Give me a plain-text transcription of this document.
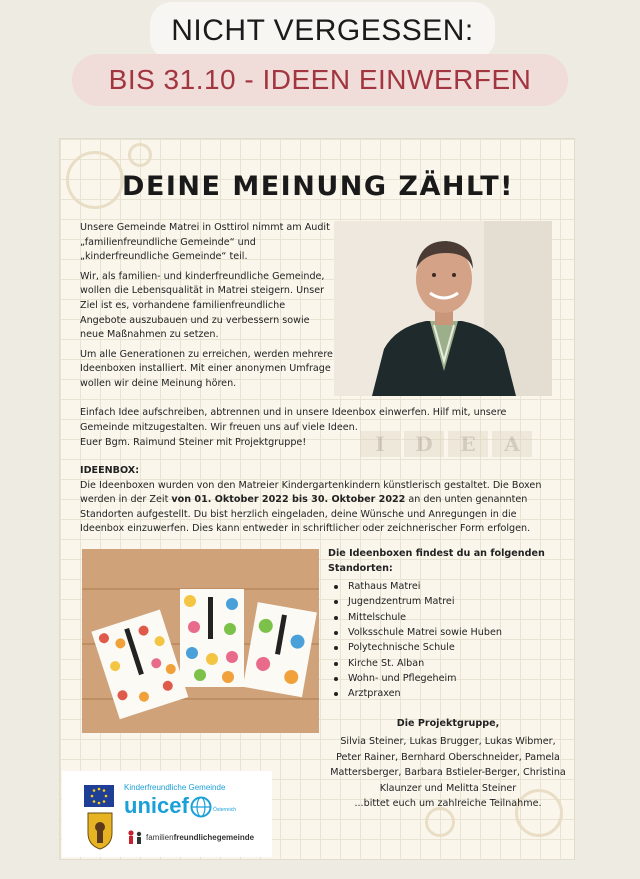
NICHT VERGESSEN:
BIS 31.10 - IDEEN EINWERFEN
DEINE MEINUNG ZÄHLT!

Unsere Gemeinde Matrei in Osttirol nimmt am Audit „familienfreundliche Gemeinde“ und „kinderfreundliche Gemeinde“ teil.

Wir, als familien- und kinderfreundliche Gemeinde, wollen die Lebensqualität in Matrei steigern. Unser Ziel ist es, vorhandene familienfreundliche Angebote auszubauen und zu verbessern sowie neue Maßnahmen zu setzen.

Um alle Generationen zu erreichen, werden mehrere Ideenboxen installiert. Mit einer anonymen Umfrage wollen wir deine Meinung hören.

Einfach Idee aufschreiben, abtrennen und in unsere Ideenbox einwerfen. Hilf mit, unsere Gemeinde mitzugestalten. Wir freuen uns auf viele Ideen.

Euer Bgm. Raimund Steiner mit Projektgruppe!	I	D	E	A
IDEENBOX:
Die Ideenboxen wurden von den Matreier Kindergartenkindern künstlerisch gestaltet. Die Boxen werden in der Zeit von 01. Oktober 2022 bis 30. Oktober 2022 an den unten genannten Standorten aufgestellt. Du bist herzlich eingeladen, deine Wünsche und Anregungen in die Ideenbox einzuwerfen. Dies kann entweder in schriftlicher oder zeichnerischer Form erfolgen.
Die Ideenboxen findest du an folgenden Standorten:
Rathaus Matrei
Jugendzentrum Matrei
Mittelschule
Volksschule Matrei sowie Huben
Polytechnische Schule
Kirche St. Alban
Wohn- und Pflegeheim
Arztpraxen
Die Projektgruppe,
Silvia Steiner, Lukas Brugger, Lukas Wibmer, Peter Rainer, Bernhard Oberschneider, Pamela Mattersberger, Barbara Bstieler-Berger, Christina Klaunzer und Melitta Steiner
...bittet euch um zahlreiche Teilnahme.
Kinderfreundliche Gemeinde
unicef	Österreich
familienfreundlichegemeinde
